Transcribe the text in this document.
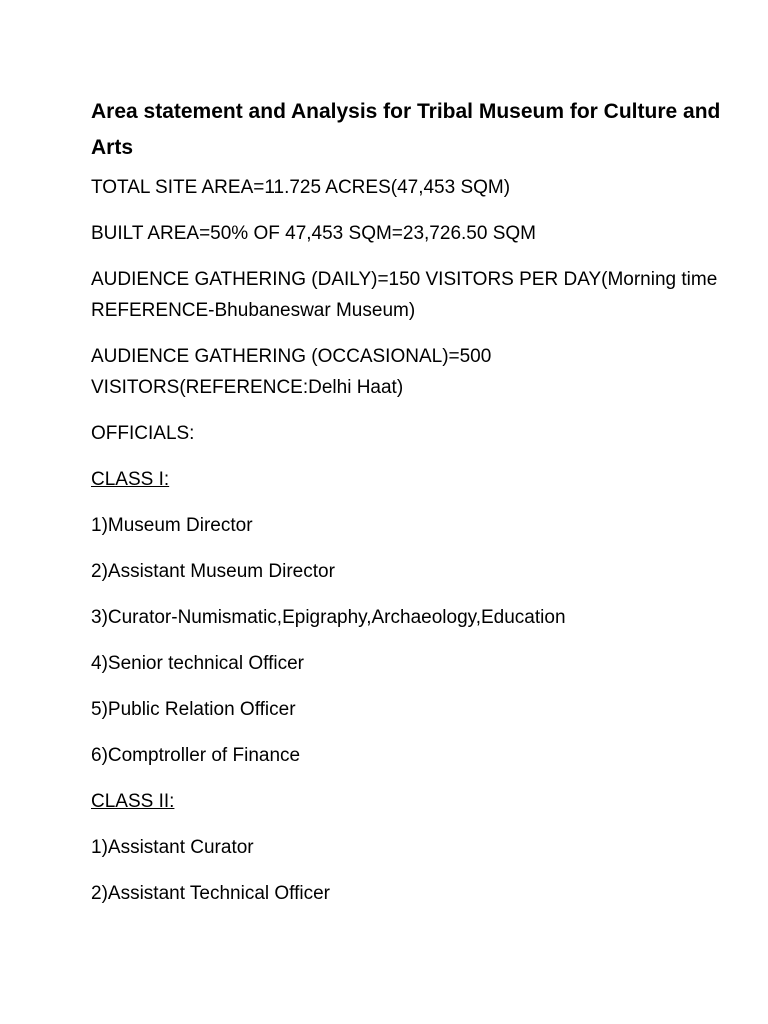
Area statement and Analysis for Tribal Museum for Culture and Arts

TOTAL SITE AREA=11.725 ACRES(47,453 SQM)

BUILT AREA=50% OF 47,453 SQM=23,726.50 SQM

AUDIENCE GATHERING (DAILY)=150 VISITORS PER DAY(Morning time REFERENCE-Bhubaneswar Museum)

AUDIENCE GATHERING (OCCASIONAL)=500 VISITORS(REFERENCE:Delhi Haat)

OFFICIALS:

CLASS I:

1)Museum Director

2)Assistant Museum Director

3)Curator-Numismatic,Epigraphy,Archaeology,Education

4)Senior technical Officer

5)Public Relation Officer

6)Comptroller of Finance

CLASS II:

1)Assistant Curator

2)Assistant Technical Officer
